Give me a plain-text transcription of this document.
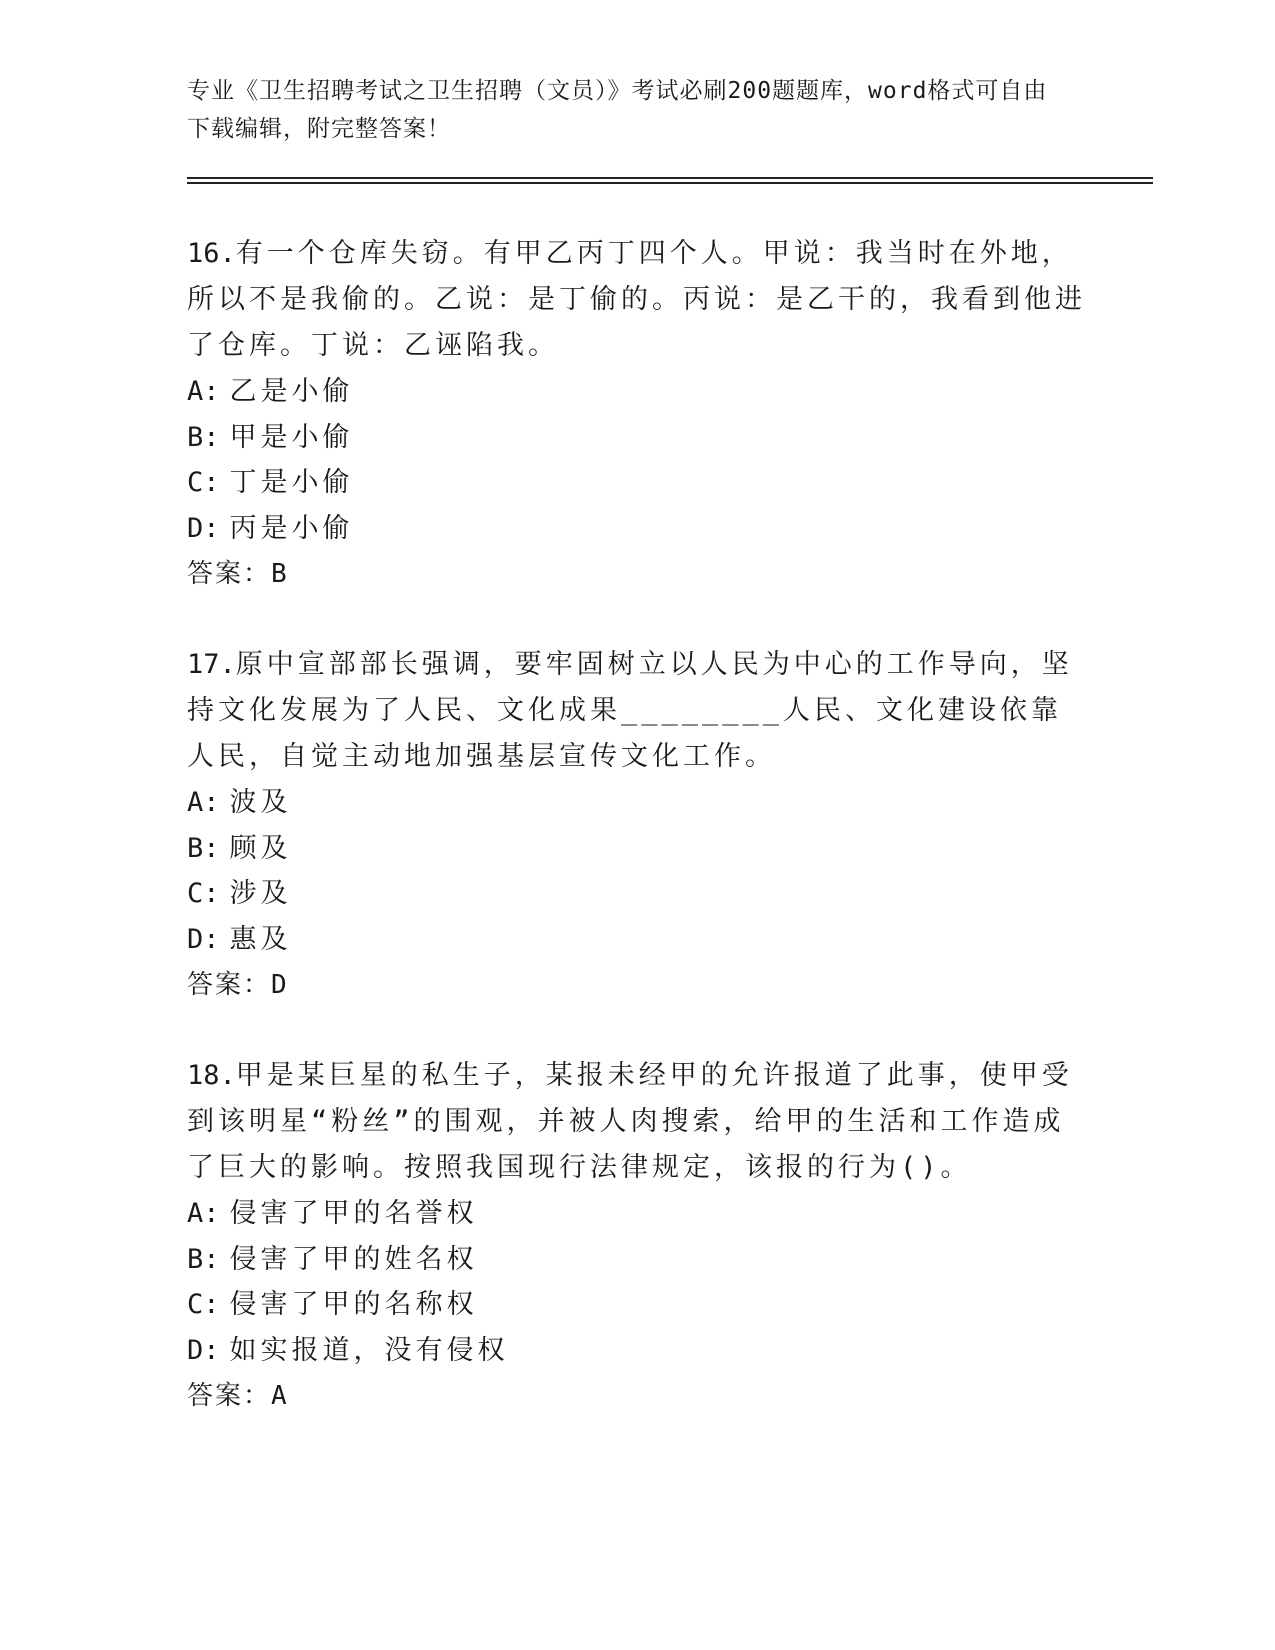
专业《卫生招聘考试之卫生招聘（文员）》考试必刷200题题库，word格式可自由下载编辑，附完整答案！

16.有一个仓库失窃。有甲乙丙丁四个人。甲说：我当时在外地，所以不是我偷的。乙说：是丁偷的。丙说：是乙干的，我看到他进了仓库。丁说：乙诬陷我。

A: 乙是小偷
B: 甲是小偷
C: 丁是小偷
D: 丙是小偷
答案：B

17.原中宣部部长强调，要牢固树立以人民为中心的工作导向，坚持文化发展为了人民、文化成果________人民、文化建设依靠人民，自觉主动地加强基层宣传文化工作。

A: 波及
B: 顾及
C: 涉及
D: 惠及
答案：D

18.甲是某巨星的私生子，某报未经甲的允许报道了此事，使甲受到该明星“粉丝”的围观，并被人肉搜索，给甲的生活和工作造成了巨大的影响。按照我国现行法律规定，该报的行为()。

A: 侵害了甲的名誉权
B: 侵害了甲的姓名权
C: 侵害了甲的名称权
D: 如实报道，没有侵权
答案：A
